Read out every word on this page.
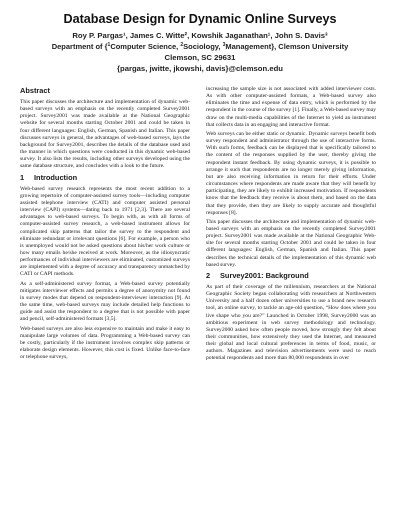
Database Design for Dynamic Online Surveys
Roy P. Pargas¹, James C. Witte², Kowshik Jaganathan¹, John S. Davis³
Department of {$^1$Computer Science, $^2$Sociology, $^3$Management}, Clemson University
Clemson, SC 29631
{pargas, jwitte, jkowshi, davis}@clemson.edu
Abstract

This paper discusses the architecture and implementation of dynamic web-based surveys with an emphasis on the recently completed Survey2001 project. Survey2001 was made available at the National Geographic website for several months starting October 2001 and could be taken in four different languages: English, German, Spanish and Italian. This paper discusses surveys in general, the advantages of web-based surveys, lays the background for Survey2001, describes the details of the database used and the manner in which questions were conducted in this dynamic web-based survey. It also lists the results, including other surveys developed using the same database structure, and concludes with a look to the future.

1 Introduction

Web-based survey research represents the most recent addition to a growing repertoire of computer-assisted survey tools—including computer assisted telephone interview (CATI) and computer assisted personal interview (CAPI) systems—dating back to 1971 [2,3]. There are several advantages to web-based surveys. To begin with, as with all forms of computer-assisted survey research, a web-based instrument allows for complicated skip patterns that tailor the survey to the respondent and eliminate redundant or irrelevant questions [6]. For example, a person who is unemployed would not be asked questions about his/her work culture or how many emails he/she received at work. Moreover, as the idiosyncratic performances of individual interviewers are eliminated, customized surveys are implemented with a degree of accuracy and transparency unmatched by CATI or CAPI methods.

As a self-administered survey format, a Web-based survey potentially mitigates interviewer effects and permits a degree of anonymity not found in survey modes that depend on respondent-interviewer interaction [9]. At the same time, web-based surveys may include detailed help functions to guide and assist the respondent to a degree that is not possible with paper and pencil, self-administered formats [3,5].

Web-based surveys are also less expensive to maintain and make it easy to manipulate large volumes of data. Programming a Web-based survey can be costly, particularly if the instrument involves complex skip patterns or elaborate design elements. However, this cost is fixed. Unlike face-to-face or telephone surveys,

increasing the sample size is not associated with added interviewer costs. As with other computer-assisted formats, a Web-based survey also eliminates the time and expense of data entry, which is performed by the respondent in the course of the survey [1]. Finally, a Web-based survey may draw on the multi-media capabilities of the Internet to yield an instrument that collects data in an engaging and interactive format.

Web surveys can be either static or dynamic. Dynamic surveys benefit both survey respondent and administrator through the use of interactive forms. With such forms, feedback can be displayed that is specifically tailored to the content of the responses supplied by the user, thereby giving the respondent instant feedback. By using dynamic surveys, it is possible to arrange it such that respondents are no longer merely giving information, but are also receiving information in return for their efforts. Under circumstances where respondents are made aware that they will benefit by participating, they are likely to exhibit increased motivation. If respondents know that the feedback they receive is about them, and based on the data that they provide, then they are likely to supply accurate and thoughtful responses [8].

This paper discusses the architecture and implementation of dynamic web-based surveys with an emphasis on the recently completed Survey2001 project. Survey2001 was made available at the National Geographic Web-site for several months starting October 2001 and could be taken in four different languages: English, German, Spanish and Italian. This paper describes the technical details of the implementation of this dynamic web based survey.

2 Survey2001: Background

As part of their coverage of the millennium, researchers at the National Geographic Society began collaborating with researchers at Northwestern University and a half dozen other universities to use a brand new research tool, an online survey, to tackle an age-old question, “How does where you live shape who you are?” Launched in October 1998, Survey2000 was an ambitious experiment in web survey methodology and technology. Survey2000 asked how often people moved, how strongly they felt about their communities, how extensively they used the Internet, and measured their global and local cultural preferences in terms of food, music, or authors. Magazines and television advertisements were used to reach potential respondents and more than 80,000 respondents in over
